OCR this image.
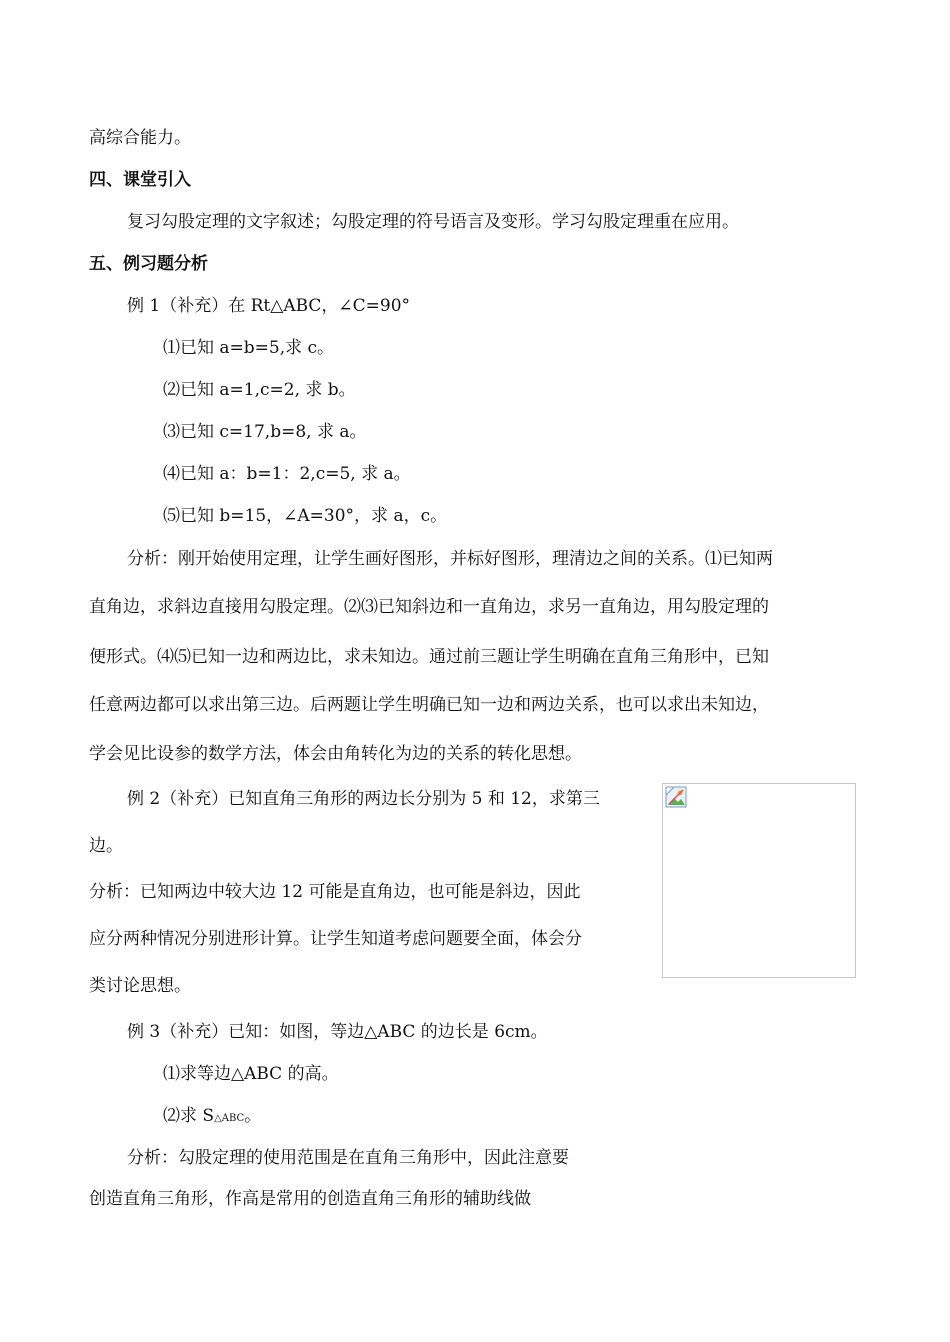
高综合能力。
四、课堂引入
复习勾股定理的文字叙述；勾股定理的符号语言及变形。学习勾股定理重在应用。
五、例习题分析
例 1（补充）在 Rt△ABC，∠C=90°
⑴已知 a=b=5,求 c。
⑵已知 a=1,c=2, 求 b。
⑶已知 c=17,b=8, 求 a。
⑷已知 a：b=1：2,c=5, 求 a。
⑸已知 b=15，∠A=30°，求 a，c。
分析：刚开始使用定理，让学生画好图形，并标好图形，理清边之间的关系。⑴已知两
直角边，求斜边直接用勾股定理。⑵⑶已知斜边和一直角边，求另一直角边，用勾股定理的
便形式。⑷⑸已知一边和两边比，求未知边。通过前三题让学生明确在直角三角形中，已知
任意两边都可以求出第三边。后两题让学生明确已知一边和两边关系，也可以求出未知边，
学会见比设参的数学方法，体会由角转化为边的关系的转化思想。
例 2（补充）已知直角三角形的两边长分别为 5 和 12，求第三
边。
分析：已知两边中较大边 12 可能是直角边，也可能是斜边，因此
应分两种情况分别进形计算。让学生知道考虑问题要全面，体会分
类讨论思想。
例 3（补充）已知：如图，等边△ABC 的边长是 6cm。
⑴求等边△ABC 的高。
⑵求 S△ABC。
分析：勾股定理的使用范围是在直角三角形中，因此注意要
创造直角三角形，作高是常用的创造直角三角形的辅助线做
